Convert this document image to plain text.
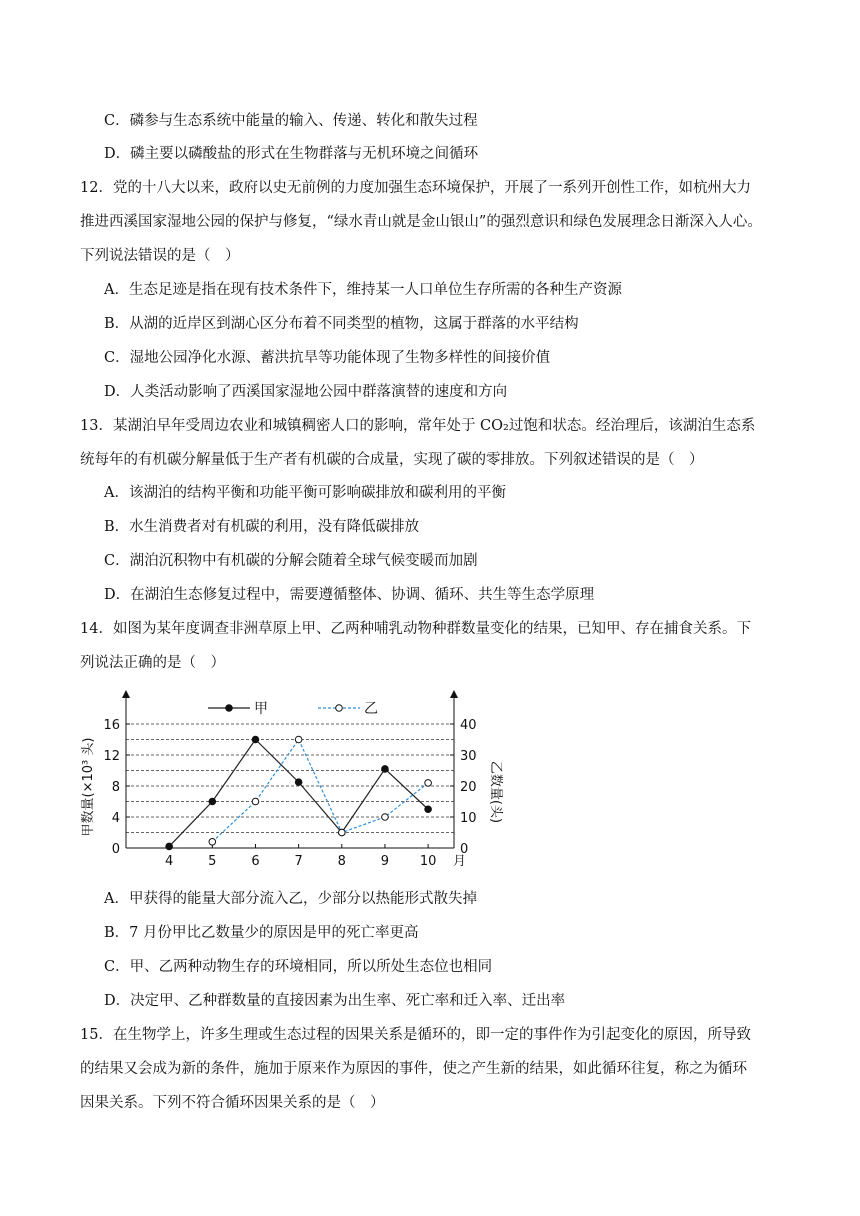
C．磷参与生态系统中能量的输入、传递、转化和散失过程
D．磷主要以磷酸盐的形式在生物群落与无机环境之间循环
12．党的十八大以来，政府以史无前例的力度加强生态环境保护，开展了一系列开创性工作，如杭州大力
推进西溪国家湿地公园的保护与修复，“绿水青山就是金山银山”的强烈意识和绿色发展理念日渐深入人心。
下列说法错误的是（　）
A．生态足迹是指在现有技术条件下，维持某一人口单位生存所需的各种生产资源
B．从湖的近岸区到湖心区分布着不同类型的植物，这属于群落的水平结构
C．湿地公园净化水源、蓄洪抗旱等功能体现了生物多样性的间接价值
D．人类活动影响了西溪国家湿地公园中群落演替的速度和方向
13．某湖泊早年受周边农业和城镇稠密人口的影响，常年处于 CO₂过饱和状态。经治理后，该湖泊生态系
统每年的有机碳分解量低于生产者有机碳的合成量，实现了碳的零排放。下列叙述错误的是（　）
A．该湖泊的结构平衡和功能平衡可影响碳排放和碳利用的平衡
B．水生消费者对有机碳的利用，没有降低碳排放
C．湖泊沉积物中有机碳的分解会随着全球气候变暖而加剧
D．在湖泊生态修复过程中，需要遵循整体、协调、循环、共生等生态学原理
14．如图为某年度调查非洲草原上甲、乙两种哺乳动物种群数量变化的结果，已知甲、存在捕食关系。下
列说法正确的是（　）
0
4
8
12
16
0
10
20
30
40
4	5	6	7	8	9 10
甲	乙
甲数量(×10³ 头)	乙数量(头)
月
A．甲获得的能量大部分流入乙，少部分以热能形式散失掉
B．7 月份甲比乙数量少的原因是甲的死亡率更高
C．甲、乙两种动物生存的环境相同，所以所处生态位也相同
D．决定甲、乙种群数量的直接因素为出生率、死亡率和迁入率、迁出率
15．在生物学上，许多生理或生态过程的因果关系是循环的，即一定的事件作为引起变化的原因，所导致
的结果又会成为新的条件，施加于原来作为原因的事件，使之产生新的结果，如此循环往复，称之为循环
因果关系。下列不符合循环因果关系的是（　）
